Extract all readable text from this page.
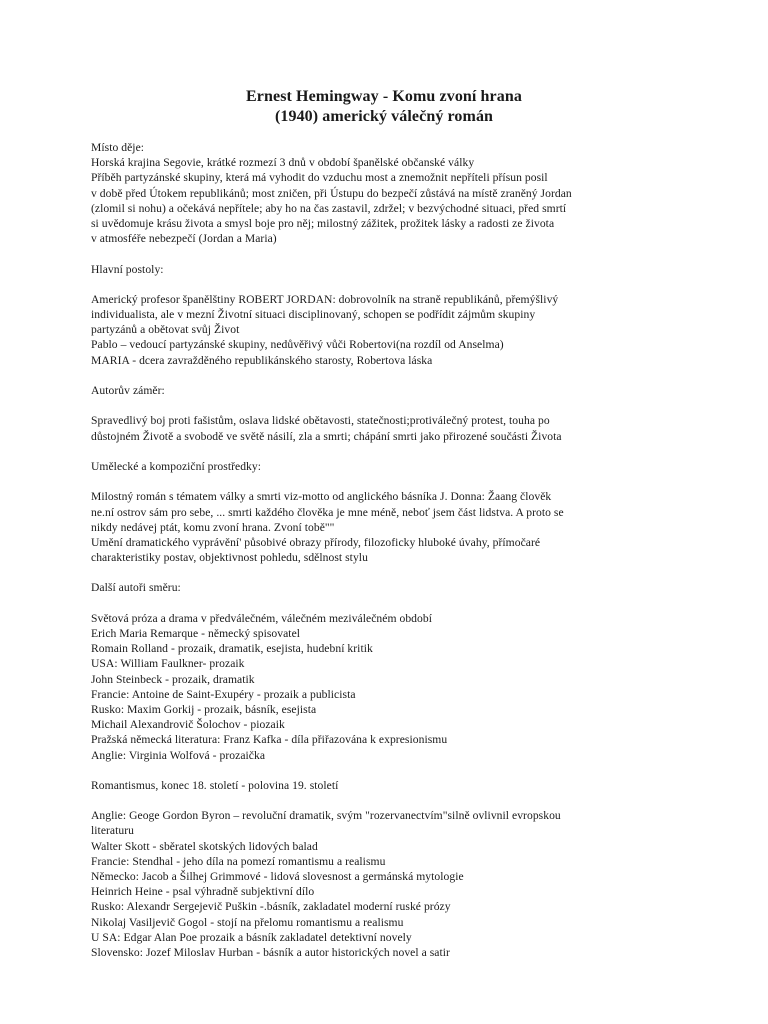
Ernest Hemingway - Komu zvoní hrana
(1940) americký válečný román
Místo děje:
Horská krajina Segovie, krátké rozmezí 3 dnů v období španělské občanské války
Příběh partyzánské skupiny, která má vyhodit do vzduchu most a znemožnit nepříteli přísun posil
v době před Útokem republikánů; most zničen, při Ústupu do bezpečí zůstává na místě zraněný Jordan
(zlomil si nohu) a očekává nepřítele; aby ho na čas zastavil, zdržel; v bezvýchodné situaci, před smrtí
si uvědomuje krásu života a smysl boje pro něj; milostný zážitek, prožitek lásky a radosti ze života
v atmosféře nebezpečí (Jordan a Maria)
Hlavní postoly:
Americký profesor španělštiny ROBERT JORDAN: dobrovolník na straně republikánů, přemýšlivý
individualista, ale v mezní Životní situaci disciplinovaný, schopen se podřídit zájmům skupiny
partyzánů a obětovat svůj Život
Pablo – vedoucí partyzánské skupiny, nedůvěřivý vůči Robertovi(na rozdíl od Anselma)
MARIA - dcera zavražděného republikánského starosty, Robertova láska
Autorův záměr:
Spravedlivý boj proti fašistům, oslava lidské obětavosti, statečnosti;protiválečný protest, touha po
důstojném Životě a svobodě ve světě násilí, zla a smrti; chápání smrti jako přirozené součásti Života
Umělecké a kompoziční prostředky:
Milostný román s tématem války a smrti viz-motto od anglického básníka J. Donna: Žaang člověk
ne.ní ostrov sám pro sebe, ... smrti každého člověka je mne méně, neboť jsem část lidstva. A proto se
nikdy nedávej ptát, komu zvoní hrana. Zvoní tobě""
Umění dramatického vyprávění' působivé obrazy přírody, filozoficky hluboké úvahy, přímočaré
charakteristiky postav, objektivnost pohledu, sdělnost stylu
Další autoři směru:
Světová próza a drama v předválečném, válečném meziválečném období
Erich Maria Remarque - německý spisovatel
Romain Rolland - prozaik, dramatik, esejista, hudební kritik
USA: William Faulkner- prozaik
John Steinbeck - prozaik, dramatik
Francie: Antoine de Saint-Exupéry - prozaik a publicista
Rusko: Maxim Gorkij - prozaik, básník, esejista
Michail Alexandrovič Šolochov - piozaik
Pražská německá literatura: Franz Kafka - díla přiřazována k expresionismu
Anglie: Virginia Wolfová - prozaička
Romantismus, konec 18. století - polovina 19. století
Anglie: Geoge Gordon Byron – revoluční dramatik, svým "rozervanectvím"silně ovlivnil evropskou
literaturu
Walter Skott - sběratel skotských lidových balad
Francie: Stendhal - jeho díla na pomezí romantismu a realismu
Německo: Jacob a Šilhej Grimmové - lidová slovesnost a germánská mytologie
Heinrich Heine - psal výhradně subjektivní dílo
Rusko: Alexandr Sergejevič Puškin -.básník, zakladatel moderní ruské prózy
Nikolaj Vasiljevič Gogol - stojí na přelomu romantismu a realismu
U SA: Edgar Alan Poe prozaik a básník zakladatel detektivní novely
Slovensko: Jozef Miloslav Hurban - básník a autor historických novel a satir
